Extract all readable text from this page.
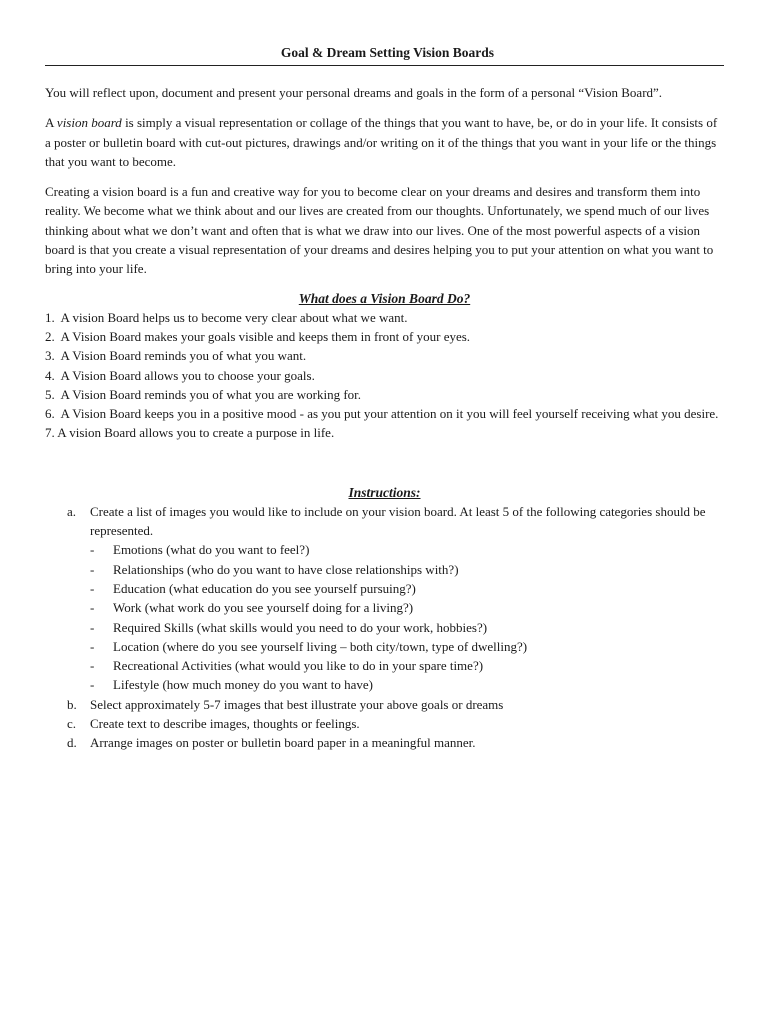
Goal & Dream Setting Vision Boards

You will reflect upon, document and present your personal dreams and goals in the form of a personal “Vision Board”.

A vision board is simply a visual representation or collage of the things that you want to have, be, or do in your life. It consists of a poster or bulletin board with cut-out pictures, drawings and/or writing on it of the things that you want in your life or the things that you want to become.

Creating a vision board is a fun and creative way for you to become clear on your dreams and desires and transform them into reality. We become what we think about and our lives are created from our thoughts. Unfortunately, we spend much of our lives thinking about what we don’t want and often that is what we draw into our lives. One of the most powerful aspects of a vision board is that you create a visual representation of your dreams and desires helping you to put your attention on what you want to bring into your life.

What does a Vision Board Do?
1. A vision Board helps us to become very clear about what we want.
2. A Vision Board makes your goals visible and keeps them in front of your eyes.
3. A Vision Board reminds you of what you want.
4. A Vision Board allows you to choose your goals.
5. A Vision Board reminds you of what you are working for.
6. A Vision Board keeps you in a positive mood - as you put your attention on it you will feel yourself receiving what you desire.
7. A vision Board allows you to create a purpose in life.
Instructions:
a. Create a list of images you would like to include on your vision board. At least 5 of the following categories should be represented.
- Emotions (what do you want to feel?)
- Relationships (who do you want to have close relationships with?)
- Education (what education do you see yourself pursuing?)
- Work (what work do you see yourself doing for a living?)
- Required Skills (what skills would you need to do your work, hobbies?)
- Location (where do you see yourself living – both city/town, type of dwelling?)
- Recreational Activities (what would you like to do in your spare time?)
- Lifestyle (how much money do you want to have)
b. Select approximately 5-7 images that best illustrate your above goals or dreams
c. Create text to describe images, thoughts or feelings.
d. Arrange images on poster or bulletin board paper in a meaningful manner.
